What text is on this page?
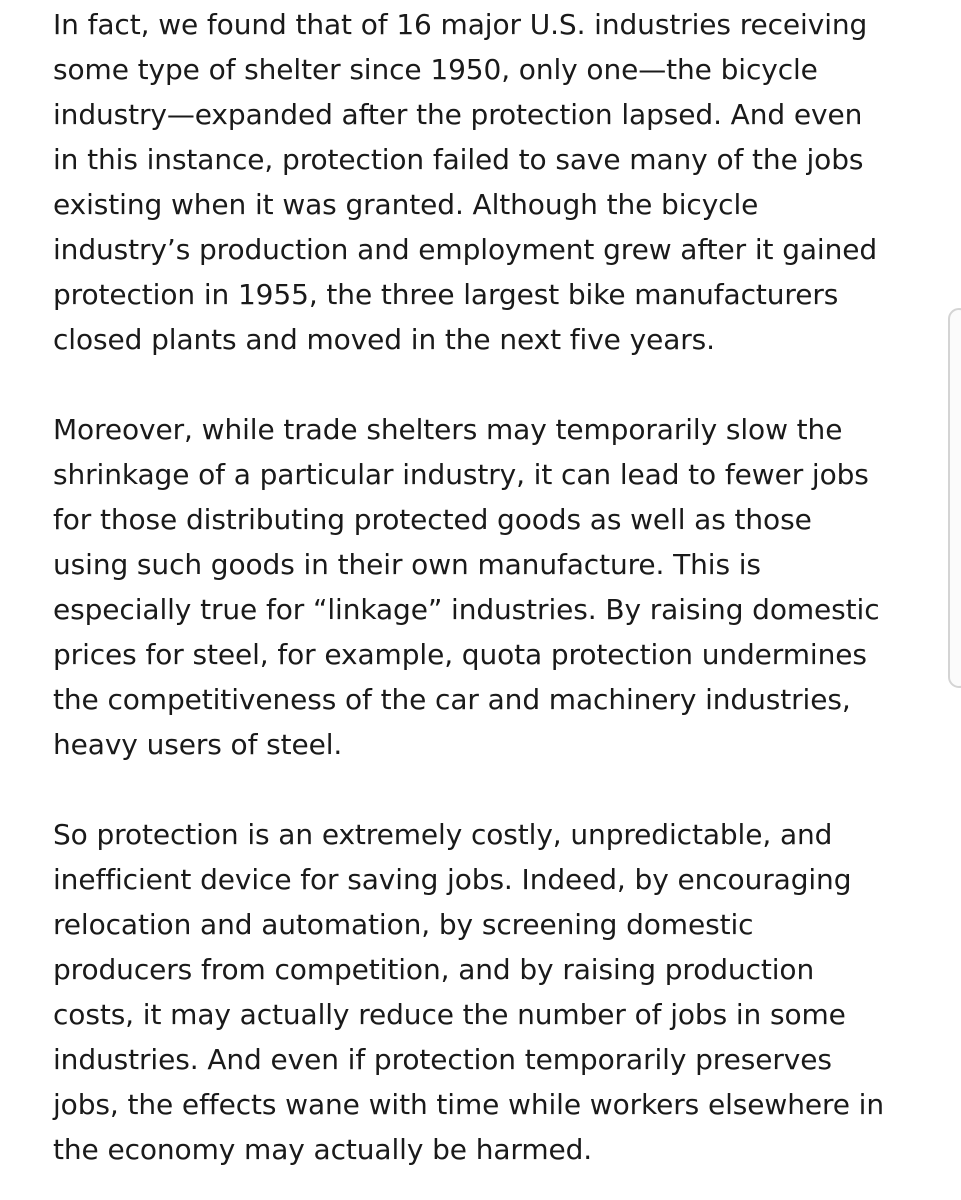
In fact, we found that of 16 major U.S. industries receiving
some type of shelter since 1950, only one—the bicycle
industry—expanded after the protection lapsed. And even
in this instance, protection failed to save many of the jobs
existing when it was granted. Although the bicycle
industry’s production and employment grew after it gained
protection in 1955, the three largest bike manufacturers
closed plants and moved in the next five years.
Moreover, while trade shelters may temporarily slow the
shrinkage of a particular industry, it can lead to fewer jobs
for those distributing protected goods as well as those
using such goods in their own manufacture. This is
especially true for “linkage” industries. By raising domestic
prices for steel, for example, quota protection undermines
the competitiveness of the car and machinery industries,
heavy users of steel.
So protection is an extremely costly, unpredictable, and
inefficient device for saving jobs. Indeed, by encouraging
relocation and automation, by screening domestic
producers from competition, and by raising production
costs, it may actually reduce the number of jobs in some
industries. And even if protection temporarily preserves
jobs, the effects wane with time while workers elsewhere in
the economy may actually be harmed.
